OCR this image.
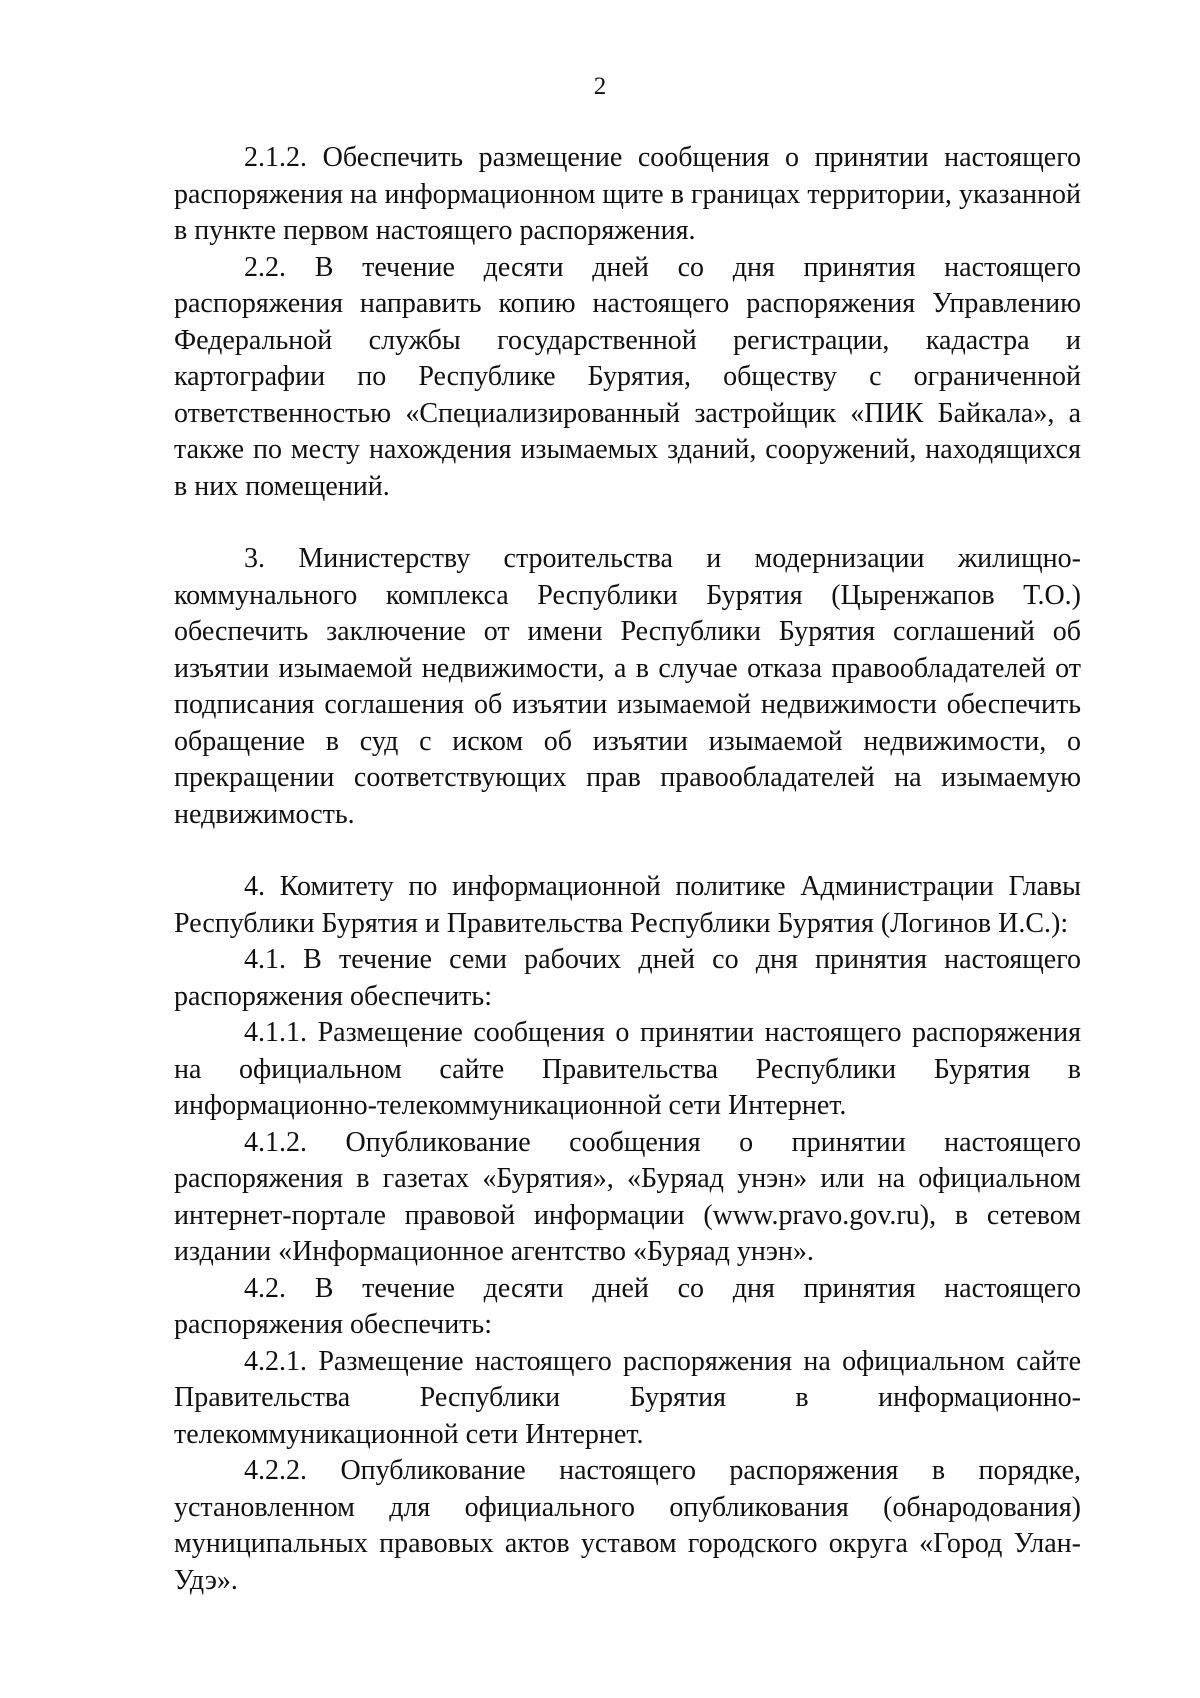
2

2.1.2. Обеспечить размещение сообщения о принятии настоящего распоряжения на информационном щите в границах территории, указанной в пункте первом настоящего распоряжения.

2.2. В течение десяти дней со дня принятия настоящего распоряжения направить копию настоящего распоряжения Управлению Федеральной службы государственной регистрации, кадастра и картографии по Республике Бурятия, обществу с ограниченной ответственностью «Специализированный застройщик «ПИК Байкала», а также по месту нахождения изымаемых зданий, сооружений, находящихся в них помещений.

3. Министерству строительства и модернизации жилищно-коммунального комплекса Республики Бурятия (Цыренжапов Т.О.) обеспечить заключение от имени Республики Бурятия соглашений об изъятии изымаемой недвижимости, а в случае отказа правообладателей от подписания соглашения об изъятии изымаемой недвижимости обеспечить обращение в суд с иском об изъятии изымаемой недвижимости, о прекращении соответствующих прав правообладателей на изымаемую недвижимость.

4. Комитету по информационной политике Администрации Главы Республики Бурятия и Правительства Республики Бурятия (Логинов И.С.):

4.1. В течение семи рабочих дней со дня принятия настоящего распоряжения обеспечить:

4.1.1. Размещение сообщения о принятии настоящего распоряжения на официальном сайте Правительства Республики Бурятия в информационно-телекоммуникационной сети Интернет.

4.1.2. Опубликование сообщения о принятии настоящего распоряжения в газетах «Бурятия», «Буряад унэн» или на официальном интернет-портале правовой информации (www.pravo.gov.ru), в сетевом издании «Информационное агентство «Буряад унэн».

4.2. В течение десяти дней со дня принятия настоящего распоряжения обеспечить:

4.2.1. Размещение настоящего распоряжения на официальном сайте Правительства Республики Бурятия в информационно-телекоммуникационной сети Интернет.

4.2.2. Опубликование настоящего распоряжения в порядке, установленном для официального опубликования (обнародования) муниципальных правовых актов уставом городского округа «Город Улан-Удэ».
